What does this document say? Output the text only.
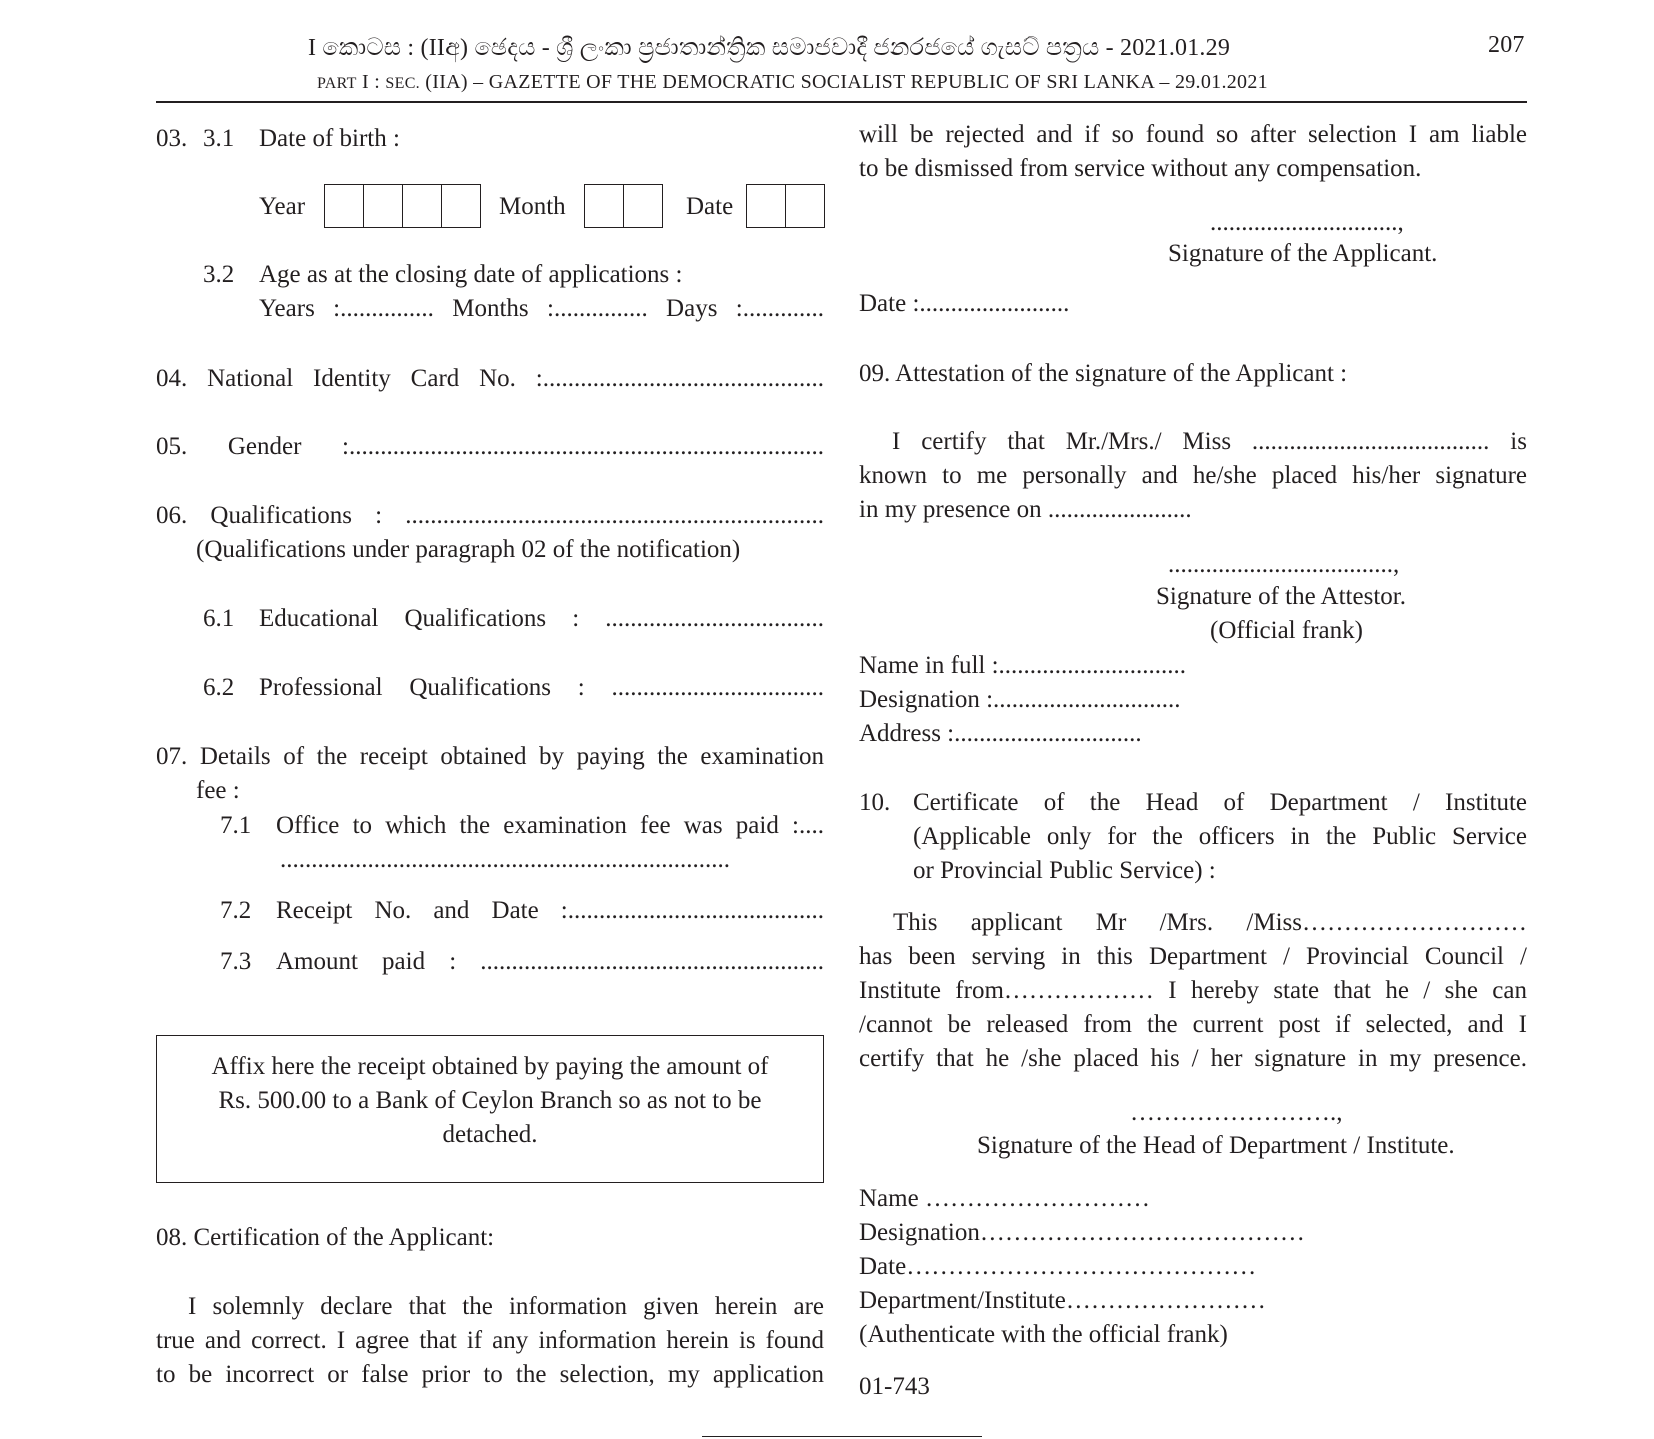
I කොටස : (IIඅ) ඡෙදය - ශ්‍රී ලංකා ප්‍රජාතාන්ත්‍රික සමාජවාදී ජනරජයේ ගැසට් පත්‍රය - 2021.01.29	207
PART I : SEC. (IIA) – GAZETTE OF THE DEMOCRATIC SOCIALIST REPUBLIC OF SRI LANKA – 29.01.2021
03. 3.1 Date of birth :
Year	Month	Date
3.2 Age as at the closing date of applications :
Years :............... Months :............... Days :.............
04. National Identity Card No. :.............................................
05. Gender :............................................................................
06. Qualifications : ...................................................................
(Qualifications under paragraph 02 of the notification)
6.1 Educational Qualifications : ...................................
6.2 Professional Qualifications : ..................................
07. Details of the receipt obtained by paying the examination
fee :
7.1 Office to which the examination fee was paid :....
........................................................................
7.2 Receipt No. and Date :.........................................
7.3 Amount paid : .......................................................
Affix here the receipt obtained by paying the amount of
Rs. 500.00 to a Bank of Ceylon Branch so as not to be
detached.
08. Certification of the Applicant:
I solemnly declare that the information given herein are
true and correct. I agree that if any information herein is found
to be incorrect or false prior to the selection, my application
will be rejected and if so found so after selection I am liable
to be dismissed from service without any compensation.
..............................,
Signature of the Applicant.
Date :........................
09. Attestation of the signature of the Applicant :
I certify that Mr./Mrs./ Miss ...................................... is
known to me personally and he/she placed his/her signature
in my presence on .......................
....................................,
Signature of the Attestor.
(Official frank)
Name in full :..............................
Designation :..............................
Address :..............................
10. Certificate of the Head of Department / Institute
(Applicable only for the officers in the Public Service
or Provincial Public Service) :
This applicant Mr /Mrs. /Miss………………………
has been serving in this Department / Provincial Council /
Institute from……………… I hereby state that he / she can
/cannot be released from the current post if selected, and I
certify that he /she placed his / her signature in my presence.
…………………….,
Signature of the Head of Department / Institute.
Name ………………………
Designation…………………………………
Date……………………………………
Department/Institute……………………
(Authenticate with the official frank)
01-743
